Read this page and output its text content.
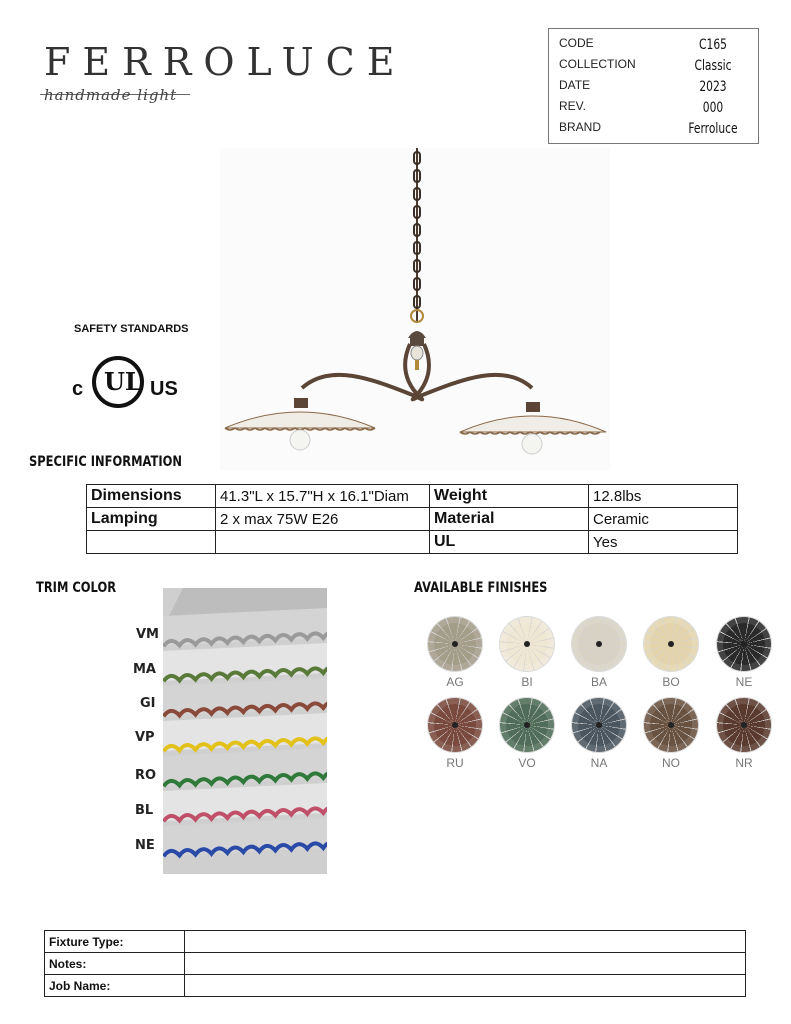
FERROLUCE
handmade light
CODE	C165
COLLECTION	Classic
DATE	2023
REV.	000
BRAND	Ferroluce
SAFETY STANDARDS
c UL US
SPECIFIC INFORMATION
Dimensions	41.3"L x 15.7"H x 16.1"Diam	Weight	12.8lbs
Lamping	2 x max 75W E26	Material	Ceramic
		UL	Yes
TRIM COLOR
VM
MA
GI
VP
RO
BL
NE
AVAILABLE FINISHES
AG	BI	BA	BO	NE
RU	VO	NA	NO	NR
Fixture Type:	
Notes:	
Job Name:	
